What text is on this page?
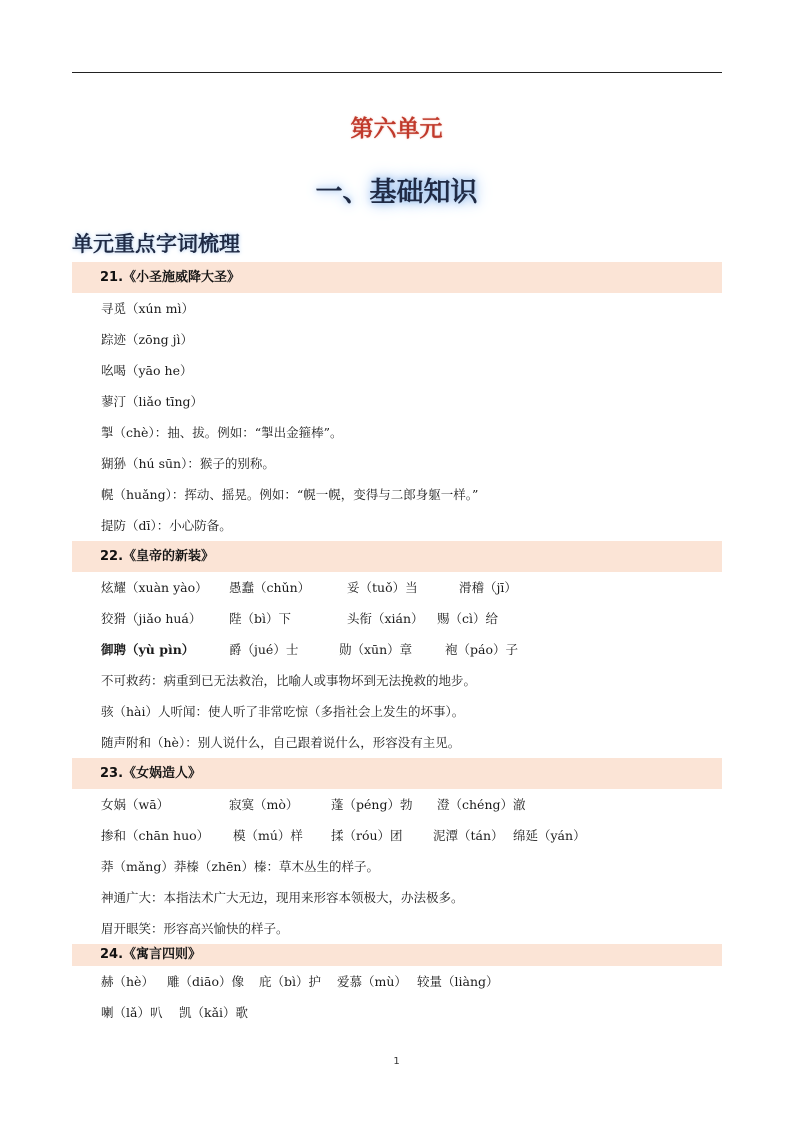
第六单元
一、基础知识
单元重点字词梳理
21.《小圣施威降大圣》
寻觅（xún mì）
踪迹（zōng jì）
吆喝（yāo he）
蓼汀（liǎo tīng）
掣（chè）：抽、拔。例如：“掣出金箍棒”。
猢狲（hú sūn）：猴子的别称。
幌（huǎng）：挥动、摇晃。例如：“幌一幌，变得与二郎身躯一样。”
提防（dī）：小心防备。
22.《皇帝的新装》
炫耀（xuàn yào） 愚蠢（chǔn）	妥（tuǒ）当	滑稽（jī）
狡猾（jiǎo huá） 陛（bì）下	头衔（xián） 赐（cì）给
御聘（yù pìn）	爵（jué）士	勋（xūn）章	袍（páo）子
不可救药：病重到已无法救治，比喻人或事物坏到无法挽救的地步。
骇（hài）人听闻：使人听了非常吃惊（多指社会上发生的坏事）。
随声附和（hè）：别人说什么，自己跟着说什么，形容没有主见。
23.《女娲造人》
女娲（wā）	寂寞（mò）	蓬（péng）勃 澄（chéng）澈
掺和（chān huo） 模（mú）样 揉（róu）团 泥潭（tán） 绵延（yán）
莽（mǎng）莽榛（zhēn）榛：草木丛生的样子。
神通广大：本指法术广大无边，现用来形容本领极大，办法极多。
眉开眼笑：形容高兴愉快的样子。
24.《寓言四则》
赫（hè） 雕（diāo）像 庇（bì）护 爱慕（mù） 较量（liàng）
喇（lǎ）叭 凯（kǎi）歌
1
